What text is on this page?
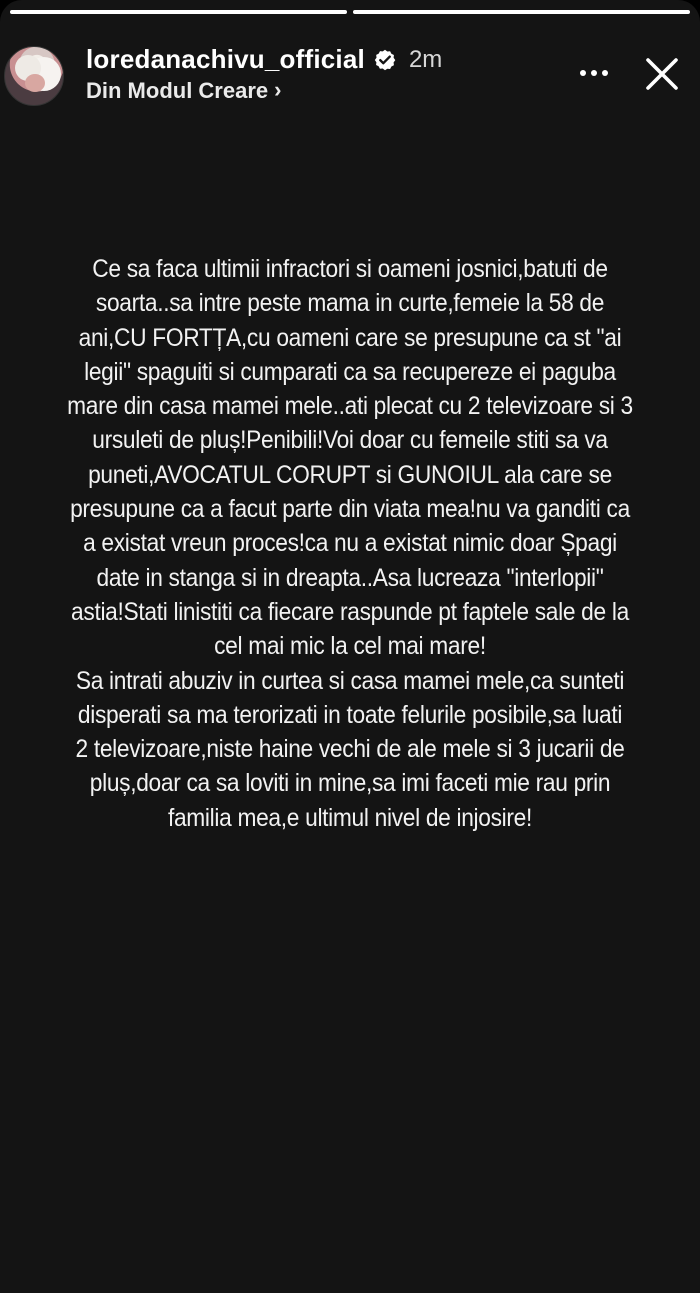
loredanachivu_official 2m
Din Modul Creare ›
Ce sa faca ultimii infractori si oameni josnici,batuti de
soarta..sa intre peste mama in curte,femeie la 58 de
ani,CU FORTȚA,cu oameni care se presupune ca st "ai
legii" spaguiti si cumparati ca sa recupereze ei paguba
mare din casa mamei mele..ati plecat cu 2 televizoare si 3
ursuleti de pluș!Penibili!Voi doar cu femeile stiti sa va
puneti,AVOCATUL CORUPT si GUNOIUL ala care se
presupune ca a facut parte din viata mea!nu va ganditi ca
a existat vreun proces!ca nu a existat nimic doar Șpagi
date in stanga si in dreapta..Asa lucreaza "interlopii"
astia!Stati linistiti ca fiecare raspunde pt faptele sale de la
cel mai mic la cel mai mare!
Sa intrati abuziv in curtea si casa mamei mele,ca sunteti
disperati sa ma terorizati in toate felurile posibile,sa luati
2 televizoare,niste haine vechi de ale mele si 3 jucarii de
pluș,doar ca sa loviti in mine,sa imi faceti mie rau prin
familia mea,e ultimul nivel de injosire!
